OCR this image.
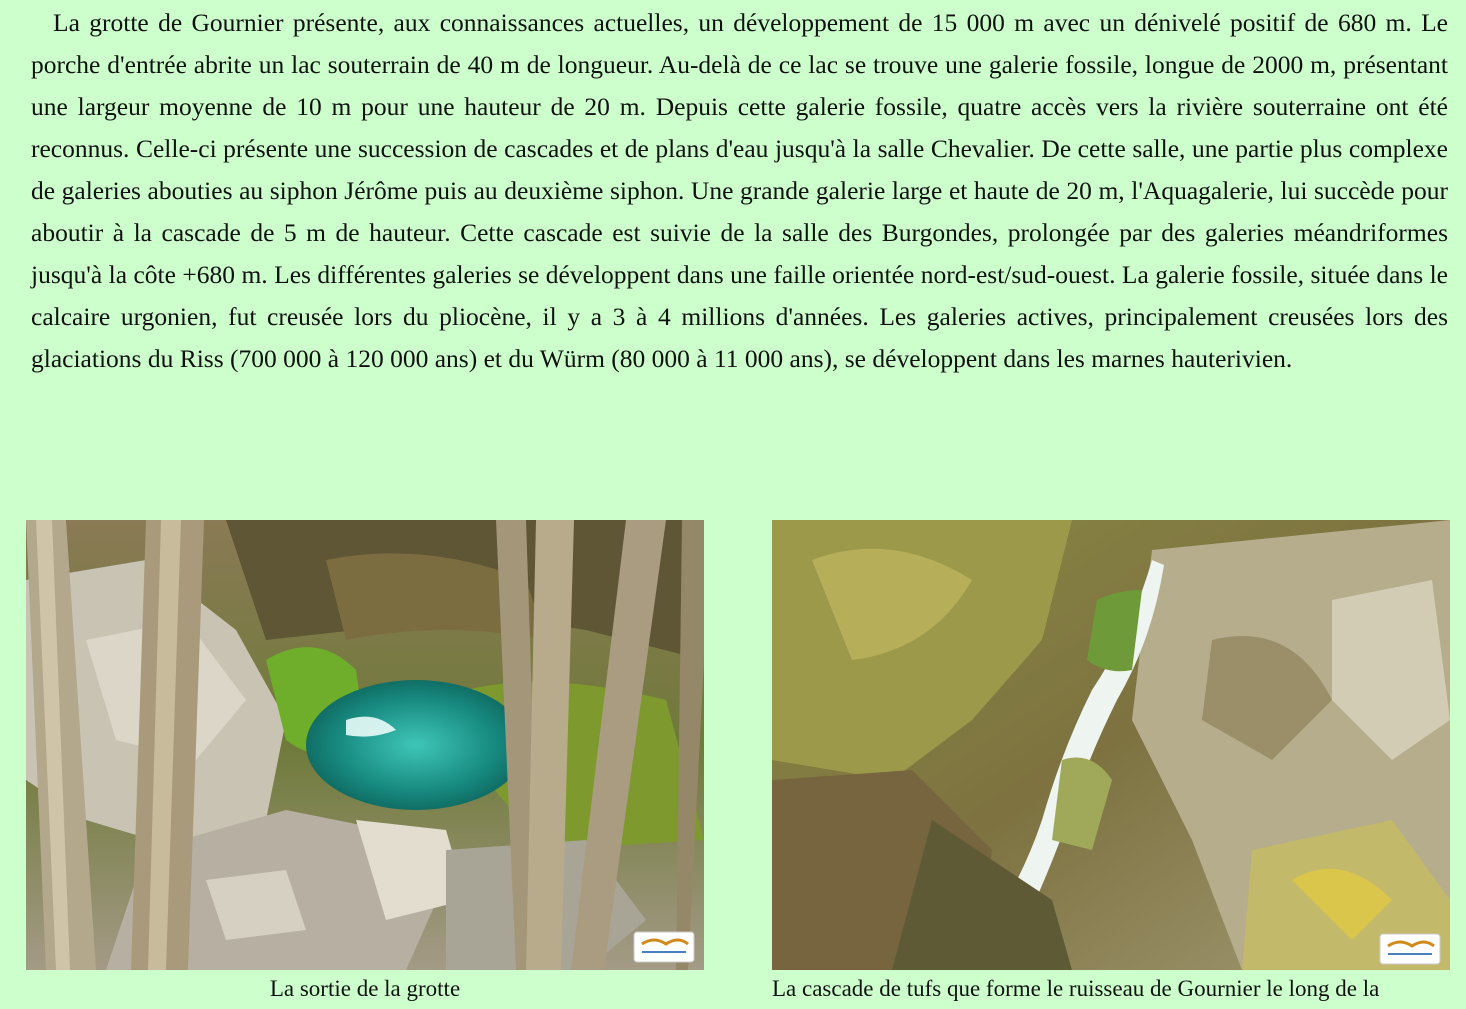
La grotte de Gournier présente, aux connaissances actuelles, un développement de 15 000 m avec un dénivelé positif de 680 m. Le porche d'entrée abrite un lac souterrain de 40 m de longueur. Au-delà de ce lac se trouve une galerie fossile, longue de 2000 m, présentant une largeur moyenne de 10 m pour une hauteur de 20 m. Depuis cette galerie fossile, quatre accès vers la rivière souterraine ont été reconnus. Celle-ci présente une succession de cascades et de plans d'eau jusqu'à la salle Chevalier. De cette salle, une partie plus complexe de galeries abouties au siphon Jérôme puis au deuxième siphon. Une grande galerie large et haute de 20 m, l'Aquagalerie, lui succède pour aboutir à la cascade de 5 m de hauteur. Cette cascade est suivie de la salle des Burgondes, prolongée par des galeries méandriformes jusqu'à la côte +680 m. Les différentes galeries se développent dans une faille orientée nord-est/sud-ouest. La galerie fossile, située dans le calcaire urgonien, fut creusée lors du pliocène, il y a 3 à 4 millions d'années. Les galeries actives, principalement creusées lors des glaciations du Riss (700 000 à 120 000 ans) et du Würm (80 000 à 11 000 ans), se développent dans les marnes hauterivien.

La sortie de la grotte	La cascade de tufs que forme le ruisseau de Gournier le long de la
